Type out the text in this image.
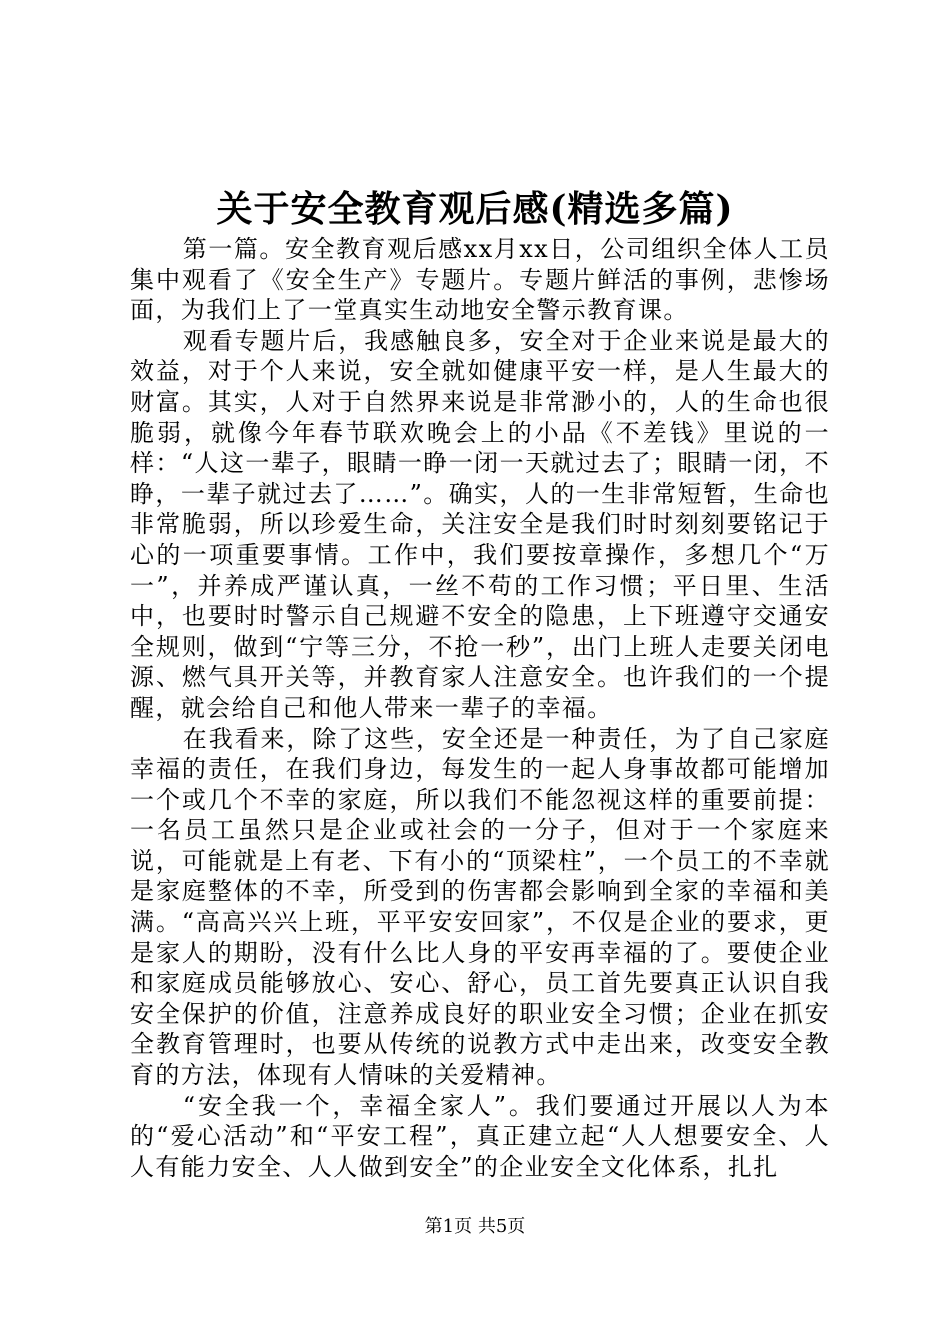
关于安全教育观后感(精选多篇)

第一篇。安全教育观后感xx月xx日，公司组织全体人工员集中观看了《安全生产》专题片。专题片鲜活的事例，悲惨场面，为我们上了一堂真实生动地安全警示教育课。

观看专题片后，我感触良多，安全对于企业来说是最大的效益，对于个人来说，安全就如健康平安一样，是人生最大的财富。其实，人对于自然界来说是非常渺小的，人的生命也很脆弱，就像今年春节联欢晚会上的小品《不差钱》里说的一样：“人这一辈子，眼睛一睁一闭一天就过去了；眼睛一闭，不睁，一辈子就过去了……”。确实，人的一生非常短暂，生命也非常脆弱，所以珍爱生命，关注安全是我们时时刻刻要铭记于心的一项重要事情。工作中，我们要按章操作，多想几个“万一”，并养成严谨认真，一丝不苟的工作习惯；平日里、生活中，也要时时警示自己规避不安全的隐患，上下班遵守交通安全规则，做到“宁等三分，不抢一秒”，出门上班人走要关闭电源、燃气具开关等，并教育家人注意安全。也许我们的一个提醒，就会给自己和他人带来一辈子的幸福。

在我看来，除了这些，安全还是一种责任，为了自己家庭幸福的责任，在我们身边，每发生的一起人身事故都可能增加一个或几个不幸的家庭，所以我们不能忽视这样的重要前提：一名员工虽然只是企业或社会的一分子，但对于一个家庭来说，可能就是上有老、下有小的“顶梁柱”，一个员工的不幸就是家庭整体的不幸，所受到的伤害都会影响到全家的幸福和美满。“高高兴兴上班，平平安安回家”，不仅是企业的要求，更是家人的期盼，没有什么比人身的平安再幸福的了。要使企业和家庭成员能够放心、安心、舒心，员工首先要真正认识自我安全保护的价值，注意养成良好的职业安全习惯；企业在抓安全教育管理时，也要从传统的说教方式中走出来，改变安全教育的方法，体现有人情味的关爱精神。

“安全我一个，幸福全家人”。我们要通过开展以人为本的“爱心活动”和“平安工程”，真正建立起“人人想要安全、人人有能力安全、人人做到安全”的企业安全文化体系，扎扎

第1页 共5页
